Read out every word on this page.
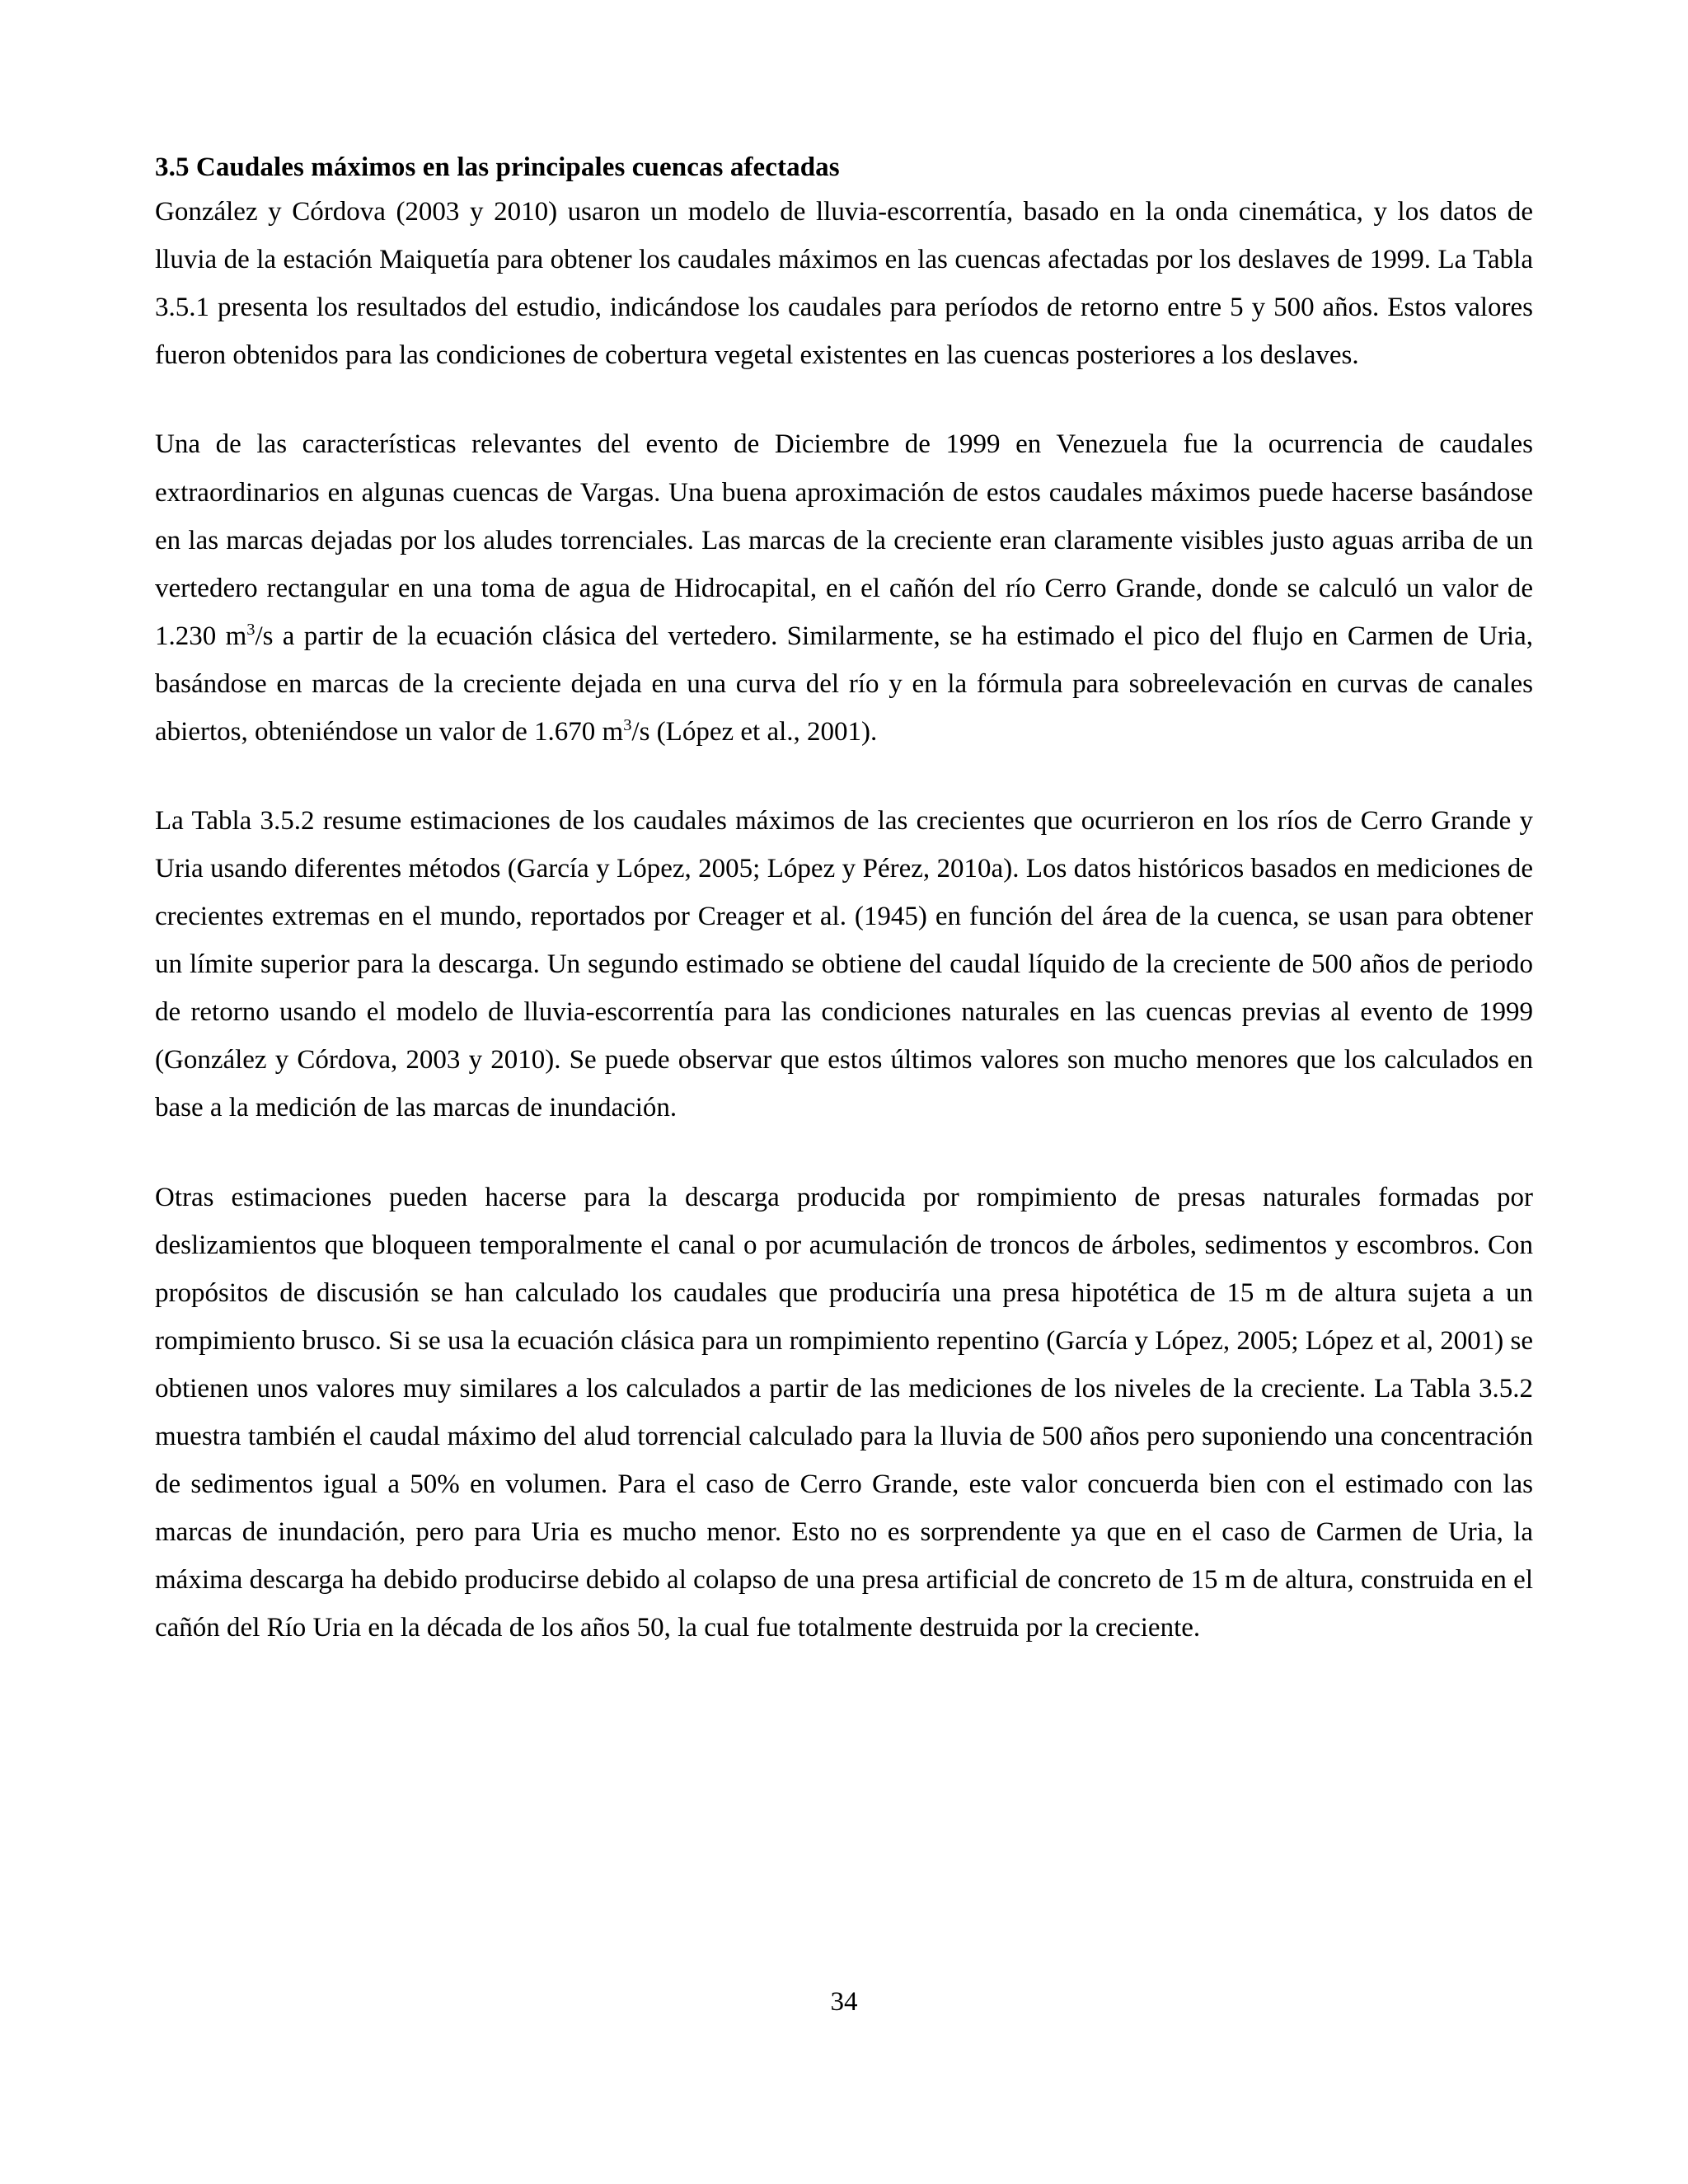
3.5 Caudales máximos en las principales cuencas afectadas

González y Córdova (2003 y 2010) usaron un modelo de lluvia-escorrentía, basado en la onda cinemática, y los datos de lluvia de la estación Maiquetía para obtener los caudales máximos en las cuencas afectadas por los deslaves de 1999. La Tabla 3.5.1 presenta los resultados del estudio, indicándose los caudales para períodos de retorno entre 5 y 500 años. Estos valores fueron obtenidos para las condiciones de cobertura vegetal existentes en las cuencas posteriores a los deslaves.

Una de las características relevantes del evento de Diciembre de 1999 en Venezuela fue la ocurrencia de caudales extraordinarios en algunas cuencas de Vargas. Una buena aproximación de estos caudales máximos puede hacerse basándose en las marcas dejadas por los aludes torrenciales. Las marcas de la creciente eran claramente visibles justo aguas arriba de un vertedero rectangular en una toma de agua de Hidrocapital, en el cañón del río Cerro Grande, donde se calculó un valor de 1.230 $m^3/s$ a partir de la ecuación clásica del vertedero. Similarmente, se ha estimado el pico del flujo en Carmen de Uria, basándose en marcas de la creciente dejada en una curva del río y en la fórmula para sobreelevación en curvas de canales abiertos, obteniéndose un valor de 1.670 $m^3/s$ (López et al., 2001).

La Tabla 3.5.2 resume estimaciones de los caudales máximos de las crecientes que ocurrieron en los ríos de Cerro Grande y Uria usando diferentes métodos (García y López, 2005; López y Pérez, 2010a). Los datos históricos basados en mediciones de crecientes extremas en el mundo, reportados por Creager et al. (1945) en función del área de la cuenca, se usan para obtener un límite superior para la descarga. Un segundo estimado se obtiene del caudal líquido de la creciente de 500 años de periodo de retorno usando el modelo de lluvia-escorrentía para las condiciones naturales en las cuencas previas al evento de 1999 (González y Córdova, 2003 y 2010). Se puede observar que estos últimos valores son mucho menores que los calculados en base a la medición de las marcas de inundación.

Otras estimaciones pueden hacerse para la descarga producida por rompimiento de presas naturales formadas por deslizamientos que bloqueen temporalmente el canal o por acumulación de troncos de árboles, sedimentos y escombros. Con propósitos de discusión se han calculado los caudales que produciría una presa hipotética de 15 m de altura sujeta a un rompimiento brusco. Si se usa la ecuación clásica para un rompimiento repentino (García y López, 2005; López et al, 2001) se obtienen unos valores muy similares a los calculados a partir de las mediciones de los niveles de la creciente. La Tabla 3.5.2 muestra también el caudal máximo del alud torrencial calculado para la lluvia de 500 años pero suponiendo una concentración de sedimentos igual a 50% en volumen. Para el caso de Cerro Grande, este valor concuerda bien con el estimado con las marcas de inundación, pero para Uria es mucho menor. Esto no es sorprendente ya que en el caso de Carmen de Uria, la máxima descarga ha debido producirse debido al colapso de una presa artificial de concreto de 15 m de altura, construida en el cañón del Río Uria en la década de los años 50, la cual fue totalmente destruida por la creciente.

34
